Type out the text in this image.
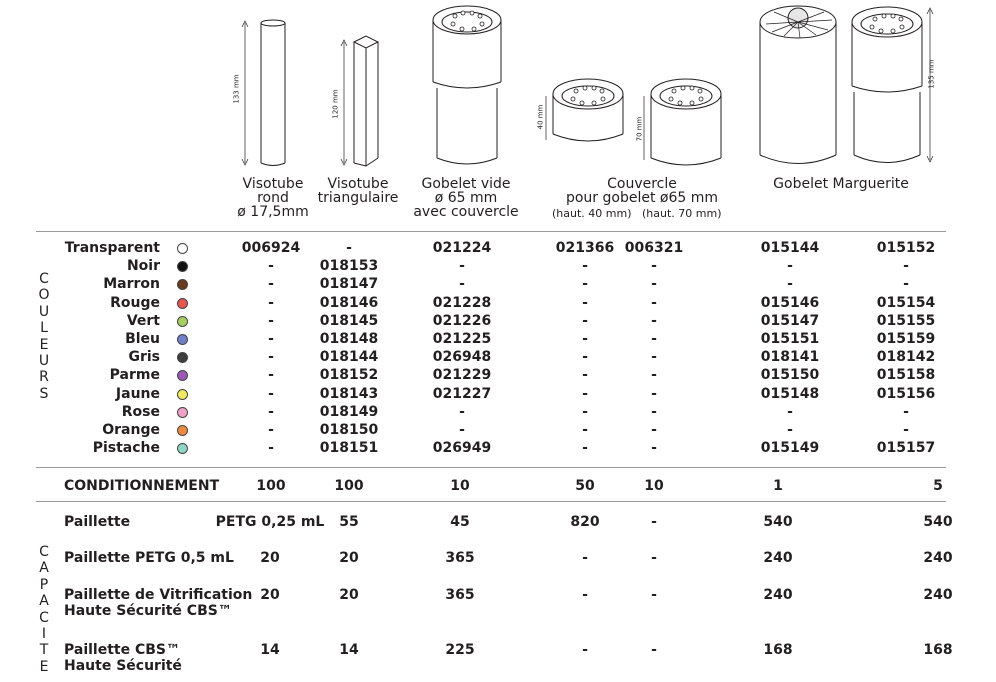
133 mm
120 mm	40 mm	70 mm
135 mm
Visotube
rond
ø 17,5mm
Visotube
triangulaire
Gobelet vide
ø 65 mm
avec couvercle
Couvercle
pour gobelet ø65 mm
(haut. 40 mm) (haut. 70 mm)
Gobelet Marguerite
C
O
U
L
E
U
R
S
Transparent	006924	-	021224	021366 006321	015144	015152
Noir	-	018153	-	-	-	-	-
Marron	-	018147	-	-	-	-	-
Rouge	-	018146	021228	-	-	015146	015154
Vert	-	018145	021226	-	-	015147	015155
Bleu	-	018148	021225	-	-	015151	015159
Gris	-	018144	026948	-	-	018141	018142
Parme	-	018152	021229	-	-	015150	015158
Jaune	-	018143	021227	-	-	015148	015156
Rose	-	018149	-	-	-	-	-
Orange	-	018150	-	-	-	-	-
Pistache	-	018151	026949	-	-	015149	015157
CONDITIONNEMENT	100	100	10	50	10	1	5
C
A
P
A
C
I
T
E
Paillette	PETG 0,25 mL 55	45	820	-	540	540
Paillette PETG 0,5 mL 20	20	365	-	-	240	240
Paillette de Vitrification
Haute Sécurité CBS™
20	20	365	-	-	240	240
Paillette CBS™
Haute Sécurité
14	14	225	-	-	168	168
